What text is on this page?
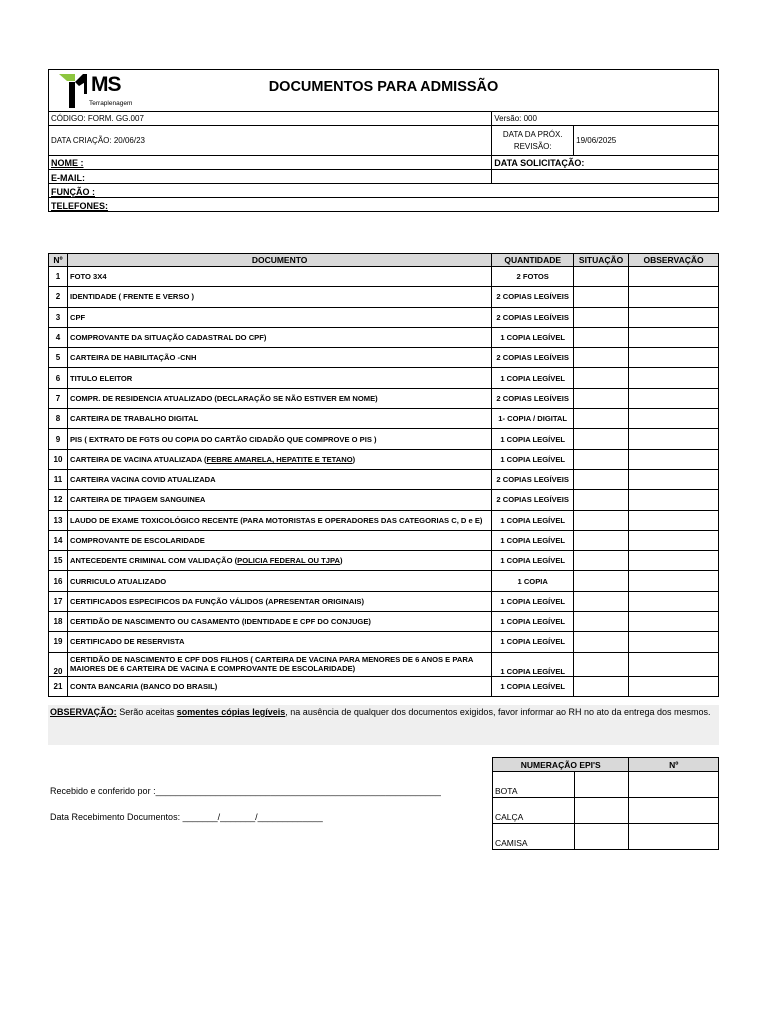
MS
Terraplenagem
DOCUMENTOS PARA ADMISSÃO		

CÓDIGO: FORM. GG.007	Versão: 000	
DATA CRIAÇÃO: 20/06/23	DATA DA PRÓX. REVISÃO:	19/06/2025
NOME :	DATA SOLICITAÇÃO:	
E-MAIL:		
FUNÇÃO :		
TELEFONES:		
Nº	DOCUMENTO	QUANTIDADE	SITUAÇÃO	OBSERVAÇÃO
1	FOTO 3X4	2 FOTOS		
2	IDENTIDADE ( FRENTE E VERSO )	2 COPIAS LEGÍVEIS		
3	CPF	2 COPIAS LEGÍVEIS		
4	COMPROVANTE DA SITUAÇÃO CADASTRAL DO CPF)	1 COPIA LEGÍVEL		
5	CARTEIRA DE HABILITAÇÃO -CNH	2 COPIAS LEGÍVEIS		
6	TITULO ELEITOR	1 COPIA LEGÍVEL		
7	COMPR. DE RESIDENCIA ATUALIZADO (DECLARAÇÃO SE NÃO ESTIVER EM NOME)	2 COPIAS LEGÍVEIS		
8	CARTEIRA DE TRABALHO DIGITAL	1- COPIA / DIGITAL		
9	PIS ( EXTRATO DE FGTS OU COPIA DO CARTÃO CIDADÃO QUE COMPROVE O PIS )	1 COPIA LEGÍVEL		
10	CARTEIRA DE VACINA ATUALIZADA (FEBRE AMARELA, HEPATITE E TETANO)	1 COPIA LEGÍVEL		
11	CARTEIRA VACINA COVID ATUALIZADA	2 COPIAS LEGÍVEIS		
12	CARTEIRA DE TIPAGEM SANGUINEA	2 COPIAS LEGÍVEIS		
13	LAUDO DE EXAME TOXICOLÓGICO RECENTE (PARA MOTORISTAS E OPERADORES DAS CATEGORIAS C, D e E)	1 COPIA LEGÍVEL		
14	COMPROVANTE DE ESCOLARIDADE	1 COPIA LEGÍVEL		
15	ANTECEDENTE CRIMINAL COM VALIDAÇÃO (POLICIA FEDERAL OU TJPA)	1 COPIA LEGÍVEL		
16	CURRICULO ATUALIZADO	1 COPIA		
17	CERTIFICADOS ESPECIFICOS DA FUNÇÃO VÁLIDOS (APRESENTAR ORIGINAIS)	1 COPIA LEGÍVEL		
18	CERTIDÃO DE NASCIMENTO OU CASAMENTO (IDENTIDADE E CPF DO CONJUGE)	1 COPIA LEGÍVEL		
19	CERTIFICADO DE RESERVISTA	1 COPIA LEGÍVEL		
20	CERTIDÃO DE NASCIMENTO E CPF DOS FILHOS ( CARTEIRA DE VACINA PARA MENORES DE 6 ANOS E PARA MAIORES DE 6 CARTEIRA DE VACINA E COMPROVANTE DE ESCOLARIDADE)	1 COPIA LEGÍVEL		
21	CONTA BANCARIA (BANCO DO BRASIL)	1 COPIA LEGÍVEL		
OBSERVAÇÃO: Serão aceitas somentes cópias legíveis, na ausência de qualquer dos documentos exigidos, favor informar ao RH no ato da entrega dos mesmos.
Recebido e conferido por :_________________________________________________________
Data Recebimento Documentos: _______/_______/_____________
NUMERAÇÃO EPI'S		Nº
BOTA		
CALÇA		
CAMISA		
